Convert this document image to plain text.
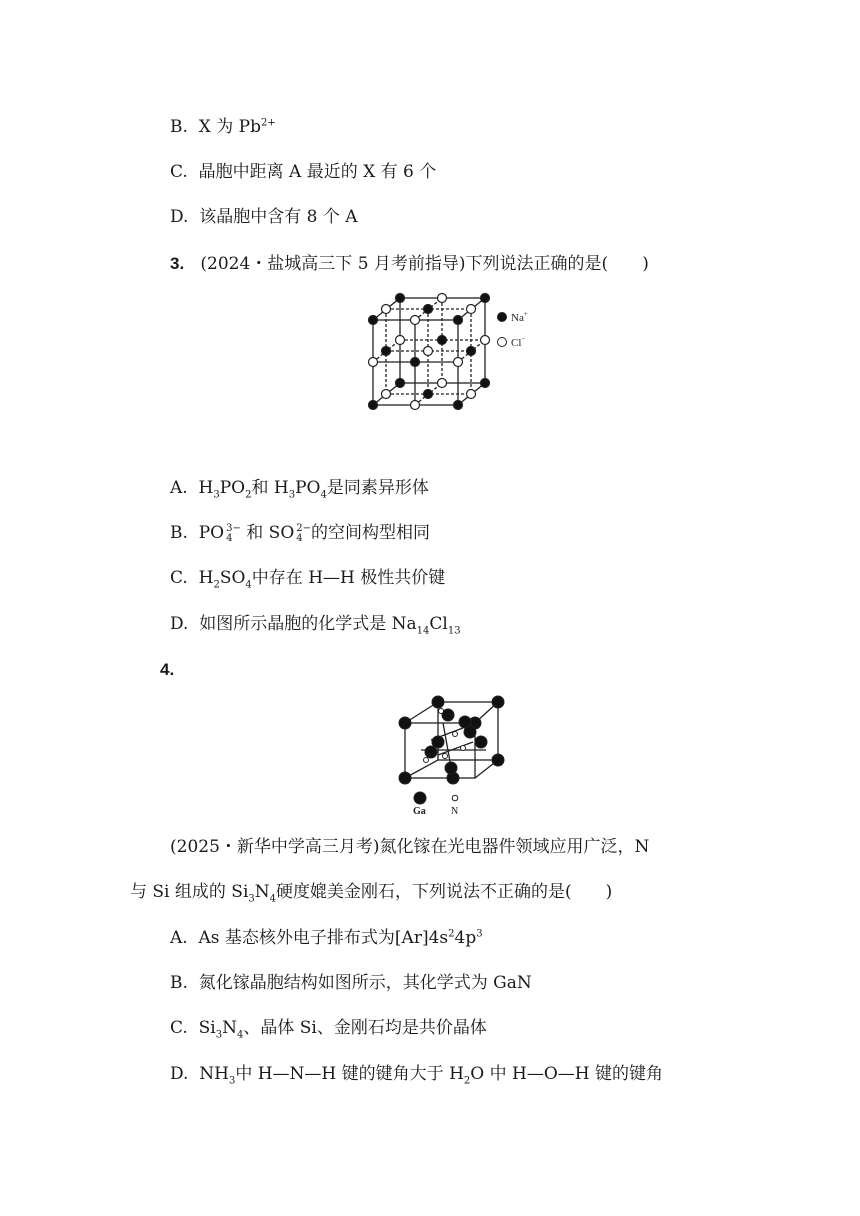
B. X 为 $Pb^{2+}$
C. 晶胞中距离 A 最近的 X 有 6 个
D. 该晶胞中含有 8 个 A
3. (2024・盐城高三下 5 月考前指导)下列说法正确的是(　　)
Na+
Cl−
A. $H_3PO_2$和 $H_3PO_4$是同素异形体
B. PO 3−
4 和 SO 2−
4 的空间构型相同
C. $H_2SO_4$中存在 H—H 极性共价键
D. 如图所示晶胞的化学式是 $Na_{14}Cl_{13}$
4.
Ga	N
(2025・新华中学高三月考)氮化镓在光电器件领域应用广泛，N
与 Si 组成的 $Si_3N_4$硬度媲美金刚石，下列说法不正确的是(　　)
A. As 基态核外电子排布式为$[Ar]4s^24p^3$
B. 氮化镓晶胞结构如图所示，其化学式为 GaN
C. $Si_3N_4$、晶体 Si、金刚石均是共价晶体
D. $NH_3$中 H—N—H 键的键角大于 $H_2O$ 中 H—O—H 键的键角
